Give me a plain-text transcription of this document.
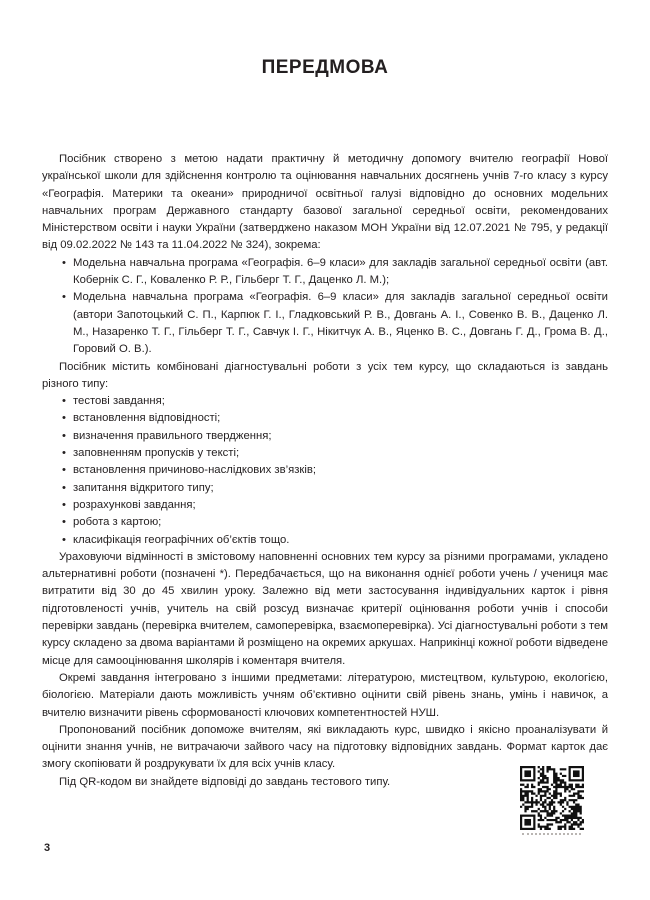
ПЕРЕДМОВА

Посібник створено з метою надати практичну й методичну допомогу вчителю географії Нової української школи для здійснення контролю та оцінювання навчальних досягнень учнів 7-го класу з курсу «Географія. Материки та океани» природничої освітньої галузі відповідно до основних модельних навчальних програм Державного стандарту базової загальної середньої освіти, рекомендованих Міністерством освіти і науки України (затверджено наказом МОН України від 12.07.2021 № 795, у редакції від 09.02.2022 № 143 та 11.04.2022 № 324), зокрема:

• Модельна навчальна програма «Географія. 6–9 класи» для закладів загальної середньої освіти (авт. Кобернік С. Г., Коваленко Р. Р., Гільберг Т. Г., Даценко Л. М.);
• Модельна навчальна програма «Географія. 6–9 класи» для закладів загальної середньої освіти (автори Запотоцький С. П., Карпюк Г. І., Гладковський Р. В., Довгань А. І., Совенко В. В., Даценко Л. М., Назаренко Т. Г., Гільберг Т. Г., Савчук І. Г., Нікитчук А. В., Яценко В. С., Довгань Г. Д., Грома В. Д., Горовий О. В.).

Посібник містить комбіновані діагностувальні роботи з усіх тем курсу, що складаються із завдань різного типу:

• тестові завдання;
• встановлення відповідності;
• визначення правильного твердження;
• заповненням пропусків у тексті;
• встановлення причиново-наслідкових зв’язків;
• запитання відкритого типу;
• розрахункові завдання;
• робота з картою;
• класифікація географічних об’єктів тощо.

Ураховуючи відмінності в змістовому наповненні основних тем курсу за різними програмами, укладено альтернативні роботи (позначені *). Передбачається, що на виконання однієї роботи учень / учениця має витратити від 30 до 45 хвилин уроку. Залежно від мети застосування індивідуальних карток і рівня підготовленості учнів, учитель на свій розсуд визначає критерії оцінювання роботи учнів і способи перевірки завдань (перевірка вчителем, самоперевірка, взаємоперевірка). Усі діагностувальні роботи з тем курсу складено за двома варіантами й розміщено на окремих аркушах. Наприкінці кожної роботи відведене місце для самооцінювання школярів і коментаря вчителя.

Окремі завдання інтегровано з іншими предметами: літературою, мистецтвом, культурою, екологією, біологією. Матеріали дають можливість учням об’єктивно оцінити свій рівень знань, умінь і навичок, а вчителю визначити рівень сформованості ключових компетентностей НУШ.

Пропонований посібник допоможе вчителям, які викладають курс, швидко і якісно проаналізувати й оцінити знання учнів, не витрачаючи зайвого часу на підготовку відповідних завдань. Формат карток дає змогу скопіювати й роздрукувати їх для всіх учнів класу.

Під QR-кодом ви знайдете відповіді до завдань тестового типу.

3
